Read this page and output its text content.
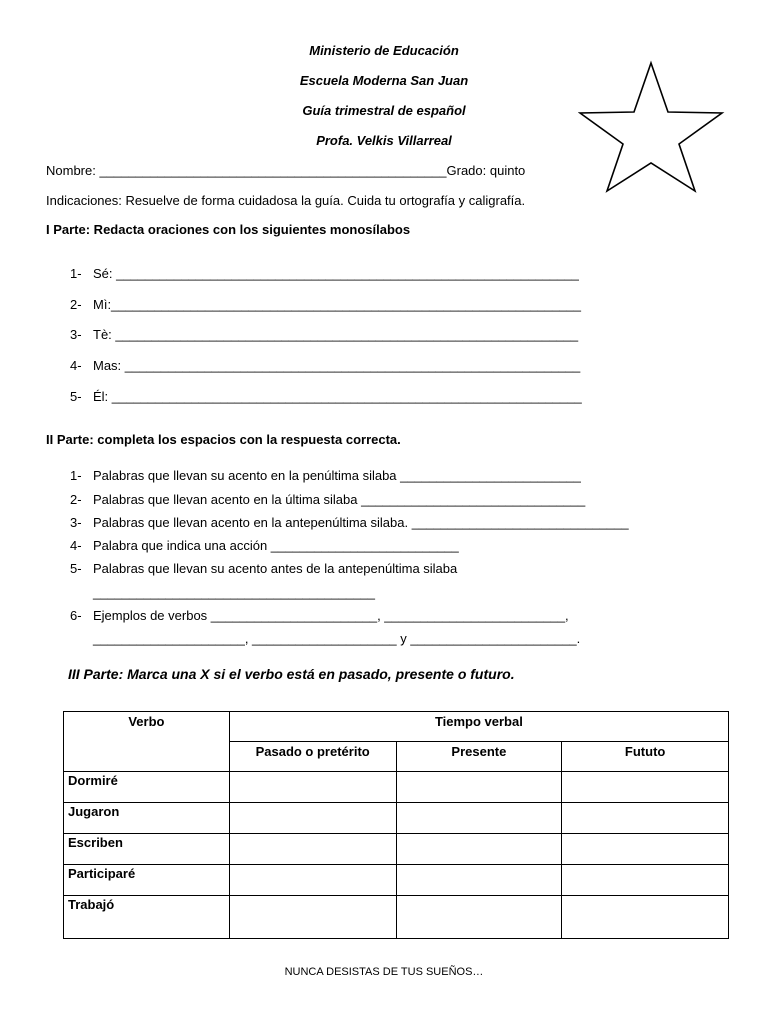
Ministerio de Educación
Escuela Moderna San Juan
Guía trimestral de español
Profa. Velkis Villarreal
Nombre: ________________________________________________Grado: quinto
Indicaciones: Resuelve de forma cuidadosa la guía. Cuida tu ortografía y caligrafía.
I Parte: Redacta oraciones con los siguientes monosílabos
1- Sé: ________________________________________________________________
2- Mì:_________________________________________________________________
3- Tè: ________________________________________________________________
4- Mas: _______________________________________________________________
5- Él: _________________________________________________________________
II Parte: completa los espacios con la respuesta correcta.
1- Palabras que llevan su acento en la penúltima silaba _________________________
2- Palabras que llevan acento en la última silaba _______________________________
3- Palabras que llevan acento en la antepenúltima silaba. ______________________________
4- Palabra que indica una acción __________________________
5- Palabras que llevan su acento antes de la antepenúltima silaba
_______________________________________
6- Ejemplos de verbos _______________________, _________________________,
_____________________, ____________________ y _______________________.
III Parte: Marca una X si el verbo está en pasado, presente o futuro.
Verbo	Tiempo verbal		
	Pasado o pretérito	Presente	Fututo
Dormiré			
Jugaron			
Escriben			
Participaré			
Trabajó			
NUNCA DESISTAS DE TUS SUEÑOS…
